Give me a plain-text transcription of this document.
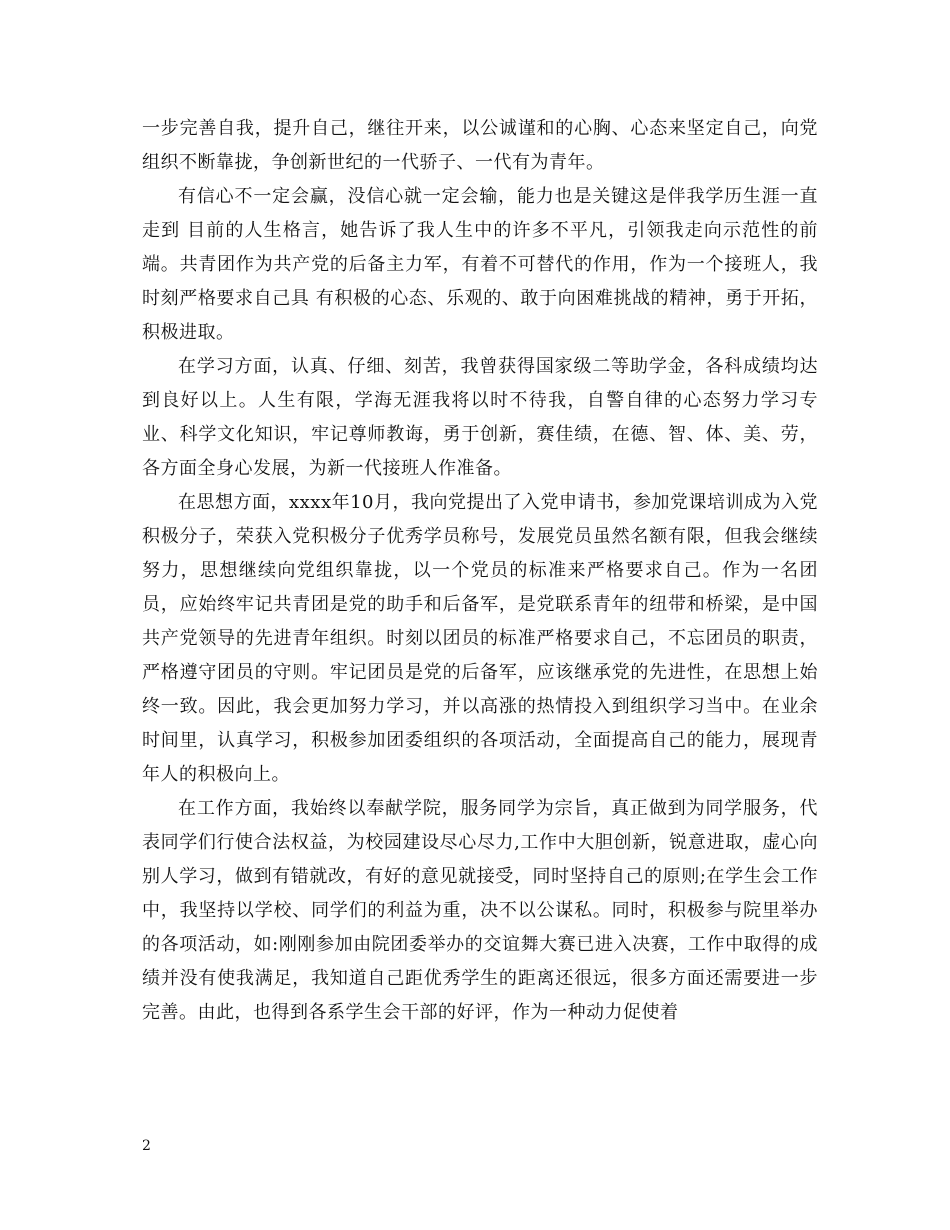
一步完善自我，提升自己，继往开来，以公诚谨和的心胸、心态来坚定自己，向党组织不断靠拢，争创新世纪的一代骄子、一代有为青年。

有信心不一定会赢，没信心就一定会输，能力也是关键这是伴我学历生涯一直走到 目前的人生格言，她告诉了我人生中的许多不平凡，引领我走向示范性的前端。共青团作为共产党的后备主力军，有着不可替代的作用，作为一个接班人，我时刻严格要求自己具 有积极的心态、乐观的、敢于向困难挑战的精神，勇于开拓，积极进取。

在学习方面，认真、仔细、刻苦，我曾获得国家级二等助学金，各科成绩均达到良好以上。人生有限，学海无涯我将以时不待我，自警自律的心态努力学习专业、科学文化知识，牢记尊师教诲，勇于创新，赛佳绩，在德、智、体、美、劳，各方面全身心发展，为新一代接班人作准备。

在思想方面，xxxx年10月，我向党提出了入党申请书，参加党课培训成为入党积极分子，荣获入党积极分子优秀学员称号，发展党员虽然名额有限，但我会继续努力，思想继续向党组织靠拢，以一个党员的标准来严格要求自己。作为一名团员，应始终牢记共青团是党的助手和后备军，是党联系青年的纽带和桥梁，是中国共产党领导的先进青年组织。时刻以团员的标准严格要求自己，不忘团员的职责，严格遵守团员的守则。牢记团员是党的后备军，应该继承党的先进性，在思想上始终一致。因此，我会更加努力学习，并以高涨的热情投入到组织学习当中。在业余时间里，认真学习，积极参加团委组织的各项活动，全面提高自己的能力，展现青年人的积极向上。

在工作方面，我始终以奉献学院，服务同学为宗旨，真正做到为同学服务，代表同学们行使合法权益，为校园建设尽心尽力,工作中大胆创新，锐意进取，虚心向别人学习，做到有错就改，有好的意见就接受，同时坚持自己的原则;在学生会工作中，我坚持以学校、同学们的利益为重，决不以公谋私。同时，积极参与院里举办的各项活动，如:刚刚参加由院团委举办的交谊舞大赛已进入决赛，工作中取得的成绩并没有使我满足，我知道自己距优秀学生的距离还很远，很多方面还需要进一步完善。由此，也得到各系学生会干部的好评，作为一种动力促使着

2
